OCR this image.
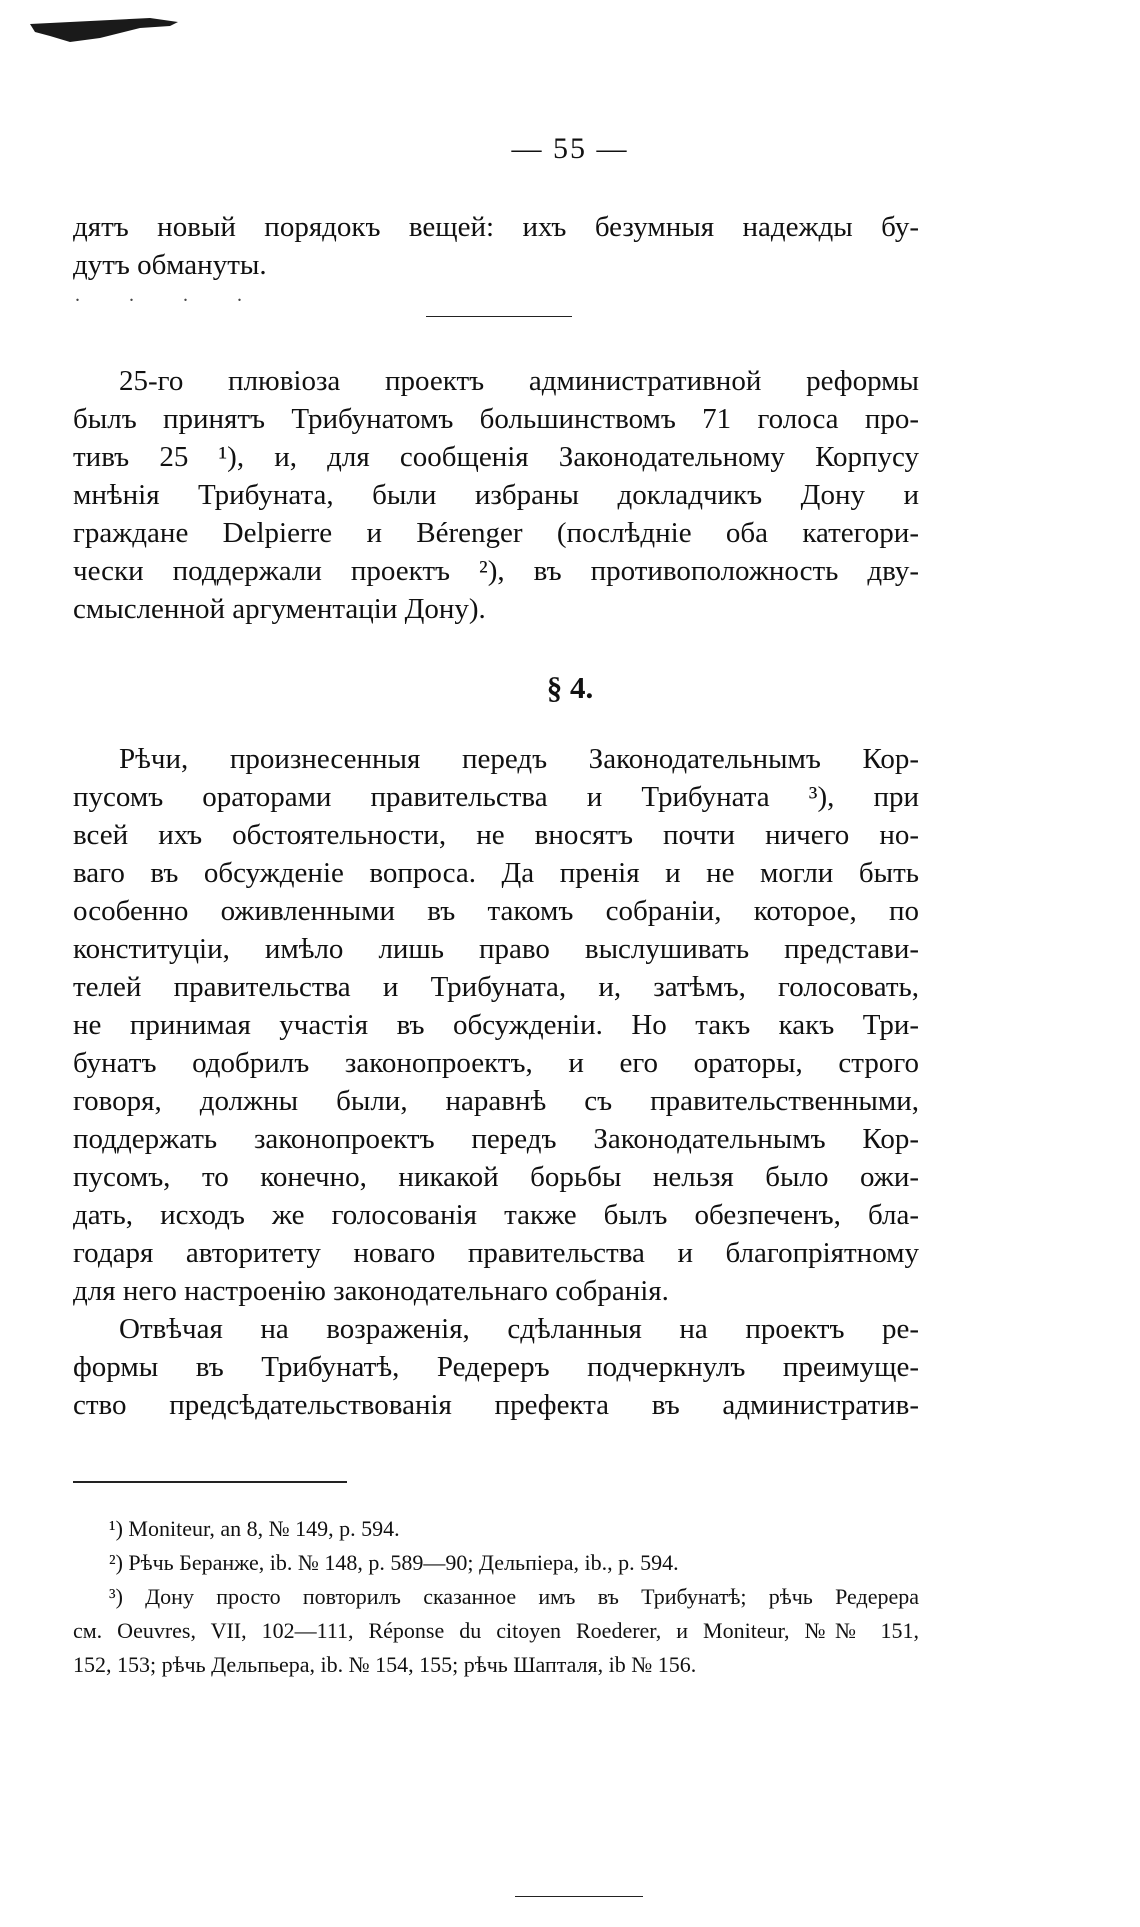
— 55 —
дятъ новый порядокъ вещей: ихъ безумныя надежды бу-
дутъ обмануты.
. . . .
25-го плювіоза проектъ административной реформы
былъ принятъ Трибунатомъ большинствомъ 71 голоса про-
тивъ 25 ¹), и, для сообщенія Законодательному Корпусу
мнѣнія Трибуната, были избраны докладчикъ Дону и
граждане Delpierre и Bérenger (послѣдніе оба категори-
чески поддержали проектъ ²), въ противоположность дву-
смысленной аргументаціи Дону).
§ 4.
Рѣчи, произнесенныя передъ Законодательнымъ Кор-
пусомъ ораторами правительства и Трибуната ³), при
всей ихъ обстоятельности, не вносятъ почти ничего но-
ваго въ обсужденіе вопроса. Да пренія и не могли быть
особенно оживленными въ такомъ собраніи, которое, по
конституціи, имѣло лишь право выслушивать представи-
телей правительства и Трибуната, и, затѣмъ, голосовать,
не принимая участія въ обсужденіи. Но такъ какъ Три-
бунатъ одобрилъ законопроектъ, и его ораторы, строго
говоря, должны были, наравнѣ съ правительственными,
поддержать законопроектъ передъ Законодательнымъ Кор-
пусомъ, то конечно, никакой борьбы нельзя было ожи-
дать, исходъ же голосованія также былъ обезпеченъ, бла-
годаря авторитету новаго правительства и благопріятному
для него настроенію законодательнаго собранія.
Отвѣчая на возраженія, сдѣланныя на проектъ ре-
формы въ Трибунатѣ, Редереръ подчеркнулъ преимуще-
ство предсѣдательствованія префекта въ административ-
¹) Moniteur, an 8, № 149, p. 594.
²) Рѣчь Беранже, ib. № 148, p. 589—90; Дельпіера, ib., p. 594.
³) Дону просто повторилъ сказанное имъ въ Трибунатѣ; рѣчь Редерера
см. Oeuvres, VII, 102—111, Réponse du citoyen Roederer, и Moniteur, №№ 151,
152, 153; рѣчь Дельпьера, ib. № 154, 155; рѣчь Шапталя, ib № 156.
